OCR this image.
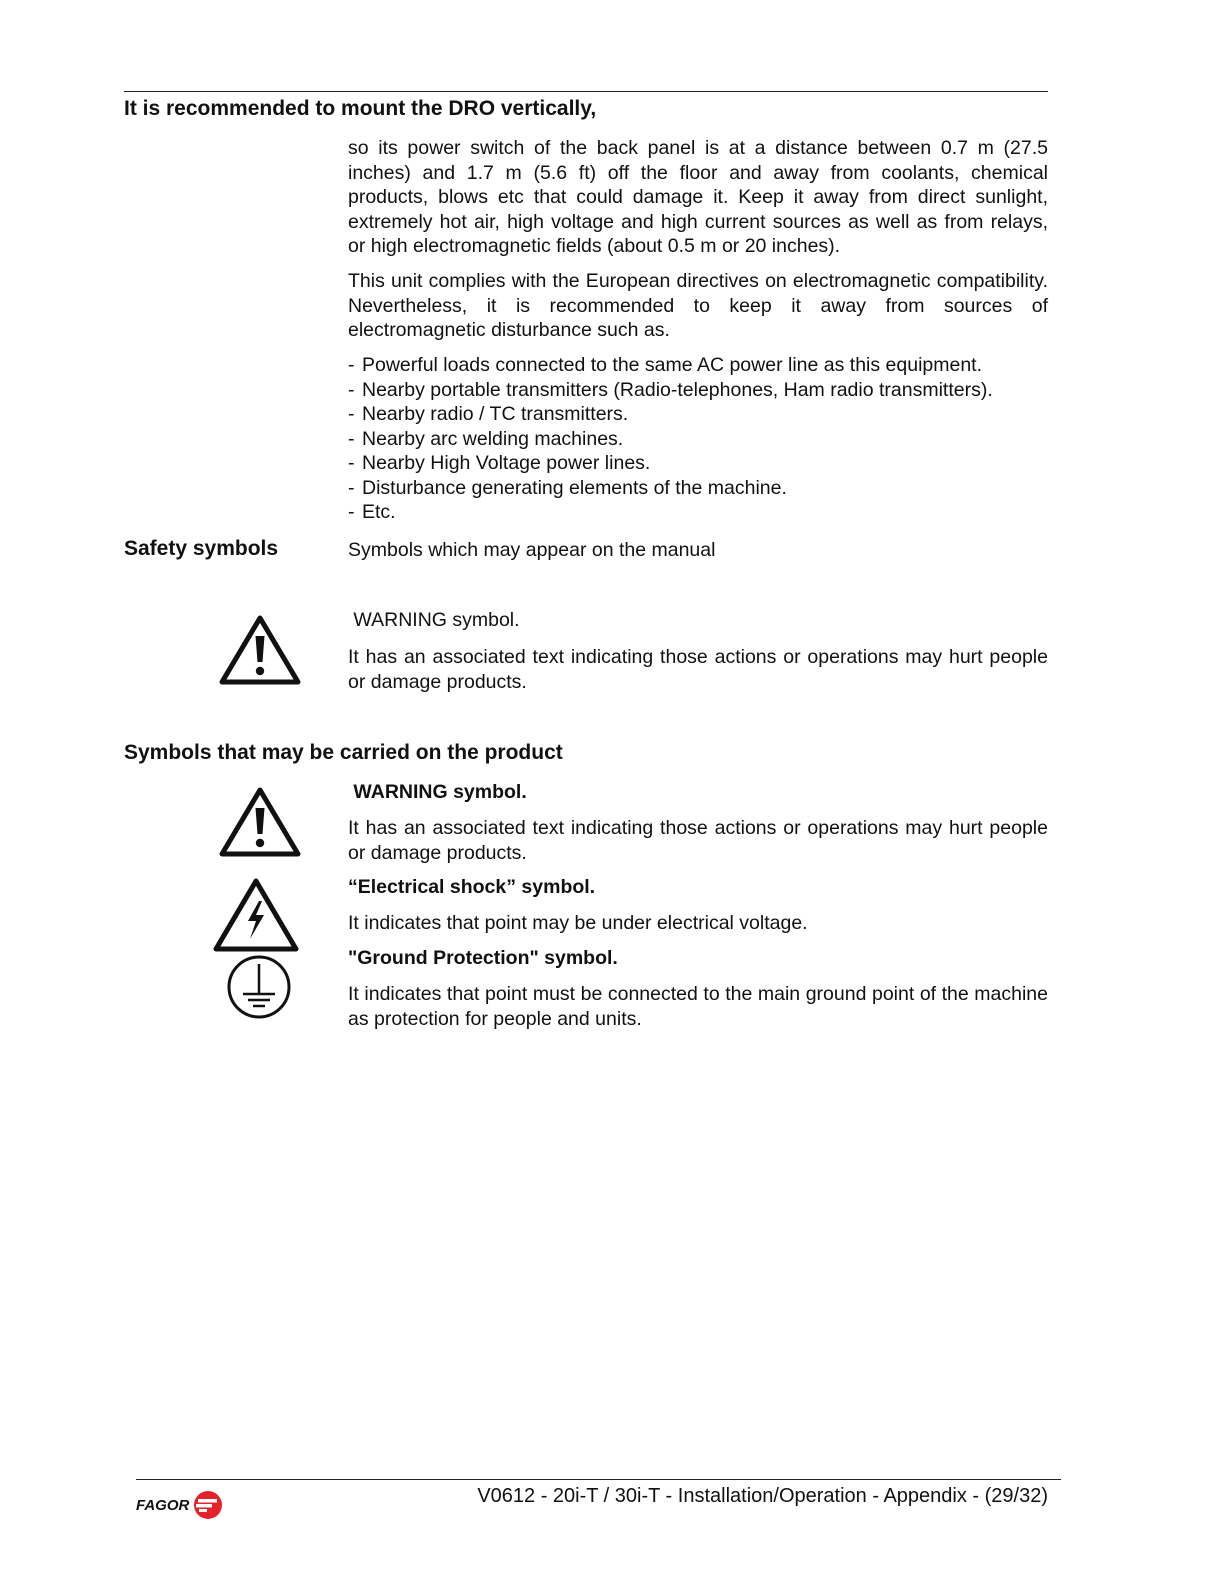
It is recommended to mount the DRO vertically,
so its power switch of the back panel is at a distance between 0.7 m (27.5 inches) and 1.7 m (5.6 ft) off the floor and away from coolants, chemical products, blows etc that could damage it. Keep it away from direct sunlight, extremely hot air, high voltage and high current sources as well as from relays, or high electromagnetic fields (about 0.5 m or 20 inches).
This unit complies with the European directives on electromagnetic compatibility. Nevertheless, it is recommended to keep it away from sources of electromagnetic disturbance such as.
- Powerful loads connected to the same AC power line as this equipment.
- Nearby portable transmitters (Radio-telephones, Ham radio transmitters).
- Nearby radio / TC transmitters.
- Nearby arc welding machines.
- Nearby High Voltage power lines.
- Disturbance generating elements of the machine.
- Etc.
Safety symbols	Symbols which may appear on the manual
WARNING symbol.
It has an associated text indicating those actions or operations may hurt people or damage products.
Symbols that may be carried on the product
WARNING symbol.
It has an associated text indicating those actions or operations may hurt people or damage products.
“Electrical shock” symbol.
It indicates that point may be under electrical voltage.
"Ground Protection" symbol.
It indicates that point must be connected to the main ground point of the machine as protection for people and units.
FAGOR	V0612 - 20i-T / 30i-T - Installation/Operation - Appendix - (29/32)
